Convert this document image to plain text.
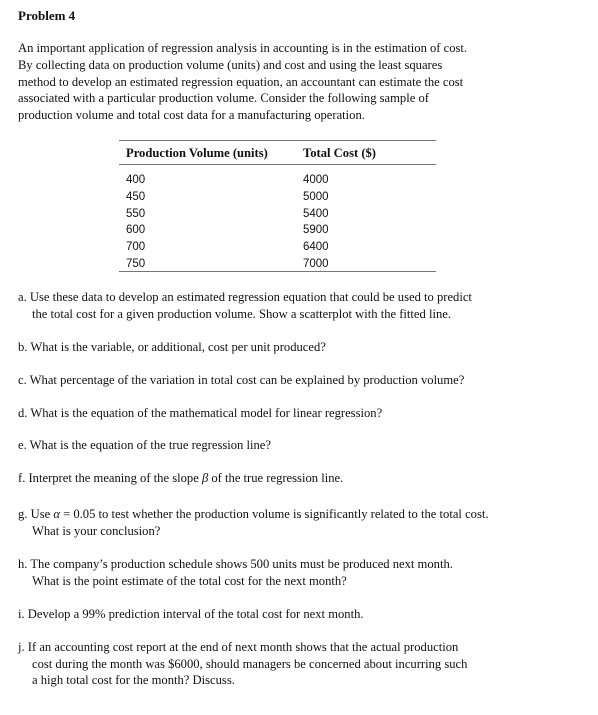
Problem 4
An important application of regression analysis in accounting is in the estimation of cost.
By collecting data on production volume (units) and cost and using the least squares
method to develop an estimated regression equation, an accountant can estimate the cost
associated with a particular production volume. Consider the following sample of
production volume and total cost data for a manufacturing operation.
Production Volume (units)	Total Cost ($)
400
450
550
600
700
750
4000
5000
5400
5900
6400
7000
a. Use these data to develop an estimated regression equation that could be used to predict
the total cost for a given production volume. Show a scatterplot with the fitted line.
b. What is the variable, or additional, cost per unit produced?
c. What percentage of the variation in total cost can be explained by production volume?
d. What is the equation of the mathematical model for linear regression?
e. What is the equation of the true regression line?
f. Interpret the meaning of the slope β of the true regression line.
g. Use α = 0.05 to test whether the production volume is significantly related to the total cost.
What is your conclusion?
h. The company’s production schedule shows 500 units must be produced next month.
What is the point estimate of the total cost for the next month?
i. Develop a 99% prediction interval of the total cost for next month.
j. If an accounting cost report at the end of next month shows that the actual production
cost during the month was $6000, should managers be concerned about incurring such
a high total cost for the month? Discuss.
